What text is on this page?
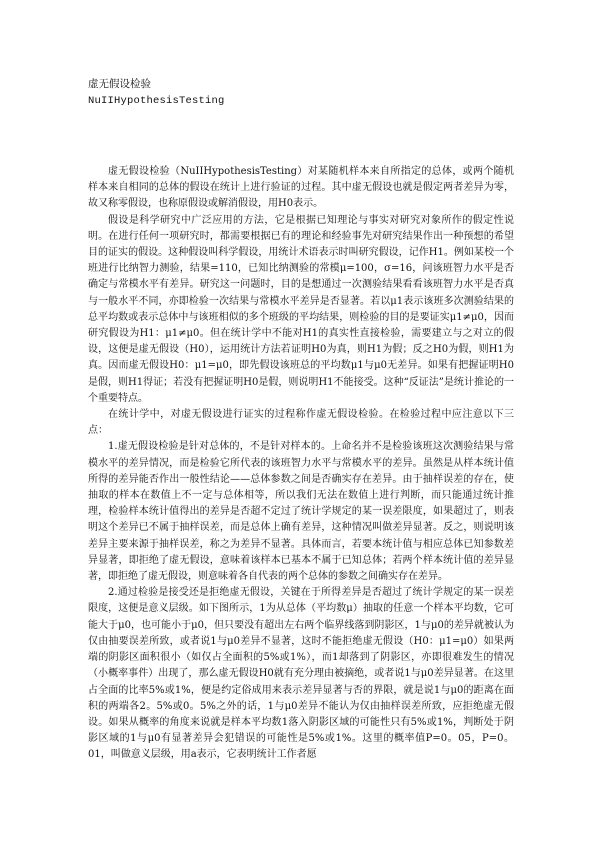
虚无假设检验
NuIIHypothesisTesting

虚无假设检验（NuIIHypothesisTesting）对某随机样本来自所指定的总体，或两个随机样本来自相同的总体的假设在统计上进行验证的过程。其中虚无假设也就是假定两者差异为零，故又称零假设，也称原假设或解消假设，用H0表示。

假设是科学研究中广泛应用的方法，它是根据已知理论与事实对研究对象所作的假定性说明。在进行任何一项研究时，都需要根据已有的理论和经验事先对研究结果作出一种预想的希望目的证实的假设。这种假设叫科学假设，用统计术语表示时叫研究假设，记作H1。例如某校一个班进行比纳智力测验，结果=110，已知比纳测验的常模μ=100，σ=16，问该班智力水平是否确定与常模水平有差异。研究这一问题时，目的是想通过一次测验结果看看该班智力水平是否真与一般水平不同，亦即检验一次结果与常模水平差异是否显著。若以μ1表示该班多次测验结果的总平均数或表示总体中与该班相似的多个班级的平均结果，则检验的目的是要证实μ1≠μ0，因而研究假设为H1：μ1≠μ0。但在统计学中不能对H1的真实性直接检验，需要建立与之对立的假设，这便是虚无假设（H0），运用统计方法若证明H0为真，则H1为假；反之H0为假，则H1为真。因而虚无假设H0：μ1=μ0，即先假设该班总的平均数μ1与μ0无差异。如果有把握证明H0是假，则H1得证；若没有把握证明H0是假，则说明H1不能接受。这种“反证法”是统计推论的一个重要特点。

在统计学中，对虚无假设进行证实的过程称作虚无假设检验。在检验过程中应注意以下三点：

1.虚无假设检验是针对总体的，不是针对样本的。上命名并不是检验该班这次测验结果与常模水平的差异情况，而是检验它所代表的该班智力水平与常模水平的差异。虽然是从样本统计值所得的差异能否作出一般性结论——总体参数之间是否确实存在差异。由于抽样误差的存在，使抽取的样本在数值上不一定与总体相等，所以我们无法在数值上进行判断，而只能通过统计推理，检验样本统计值得出的差异是否超不定过了统计学规定的某一误差限度，如果超过了，则表明这个差异已不属于抽样误差，而是总体上确有差异，这种情况叫做差异显著。反之，则说明该差异主要来源于抽样误差，称之为差异不显著。具体而言，若要本统计值与相应总体已知参数差异显著，即拒绝了虚无假设，意味着该样本已基本不属于已知总体；若两个样本统计值的差异显著，即拒绝了虚无假设，则意味着各自代表的两个总体的参数之间确实存在差异。

2.通过检验是接受还是拒绝虚无假设，关键在于所得差异是否超过了统计学规定的某一误差限度，这便是意义层级。如下图所示，1为从总体（平均数μ）抽取的任意一个样本平均数，它可能大于μ0，也可能小于μ0，但只要没有超出左右两个临界线落到阴影区，1与μ0的差异就被认为仅由抽要误差所致，或者说1与μ0差异不显著，这时不能拒绝虚无假设（H0：μ1=μ0）如果两端的阴影区面积很小（如仅占全面积的5%或1%），而1却落到了阴影区，亦即很难发生的情况（小概率事件）出现了，那么虚无假设H0就有充分理由被摘绝，或者说1与μ0差异显著。在这里占全面的比率5%或1%，便是约定俗成用来表示差异显著与否的界限，就是说1与μ0的距离在面积的两端各2。5%或0。5%之外的话，1与μ0差异不能认为仅由抽样误差所致，应拒绝虚无假设。如果从概率的角度来说就是样本平均数1落入阴影区域的可能性只有5%或1%，判断处于阴影区域的1与μ0有显著差异会犯错误的可能性是5%或1%。这里的概率值P=0。05，P=0。01，叫做意义层级，用a表示，它表明统计工作者愿
